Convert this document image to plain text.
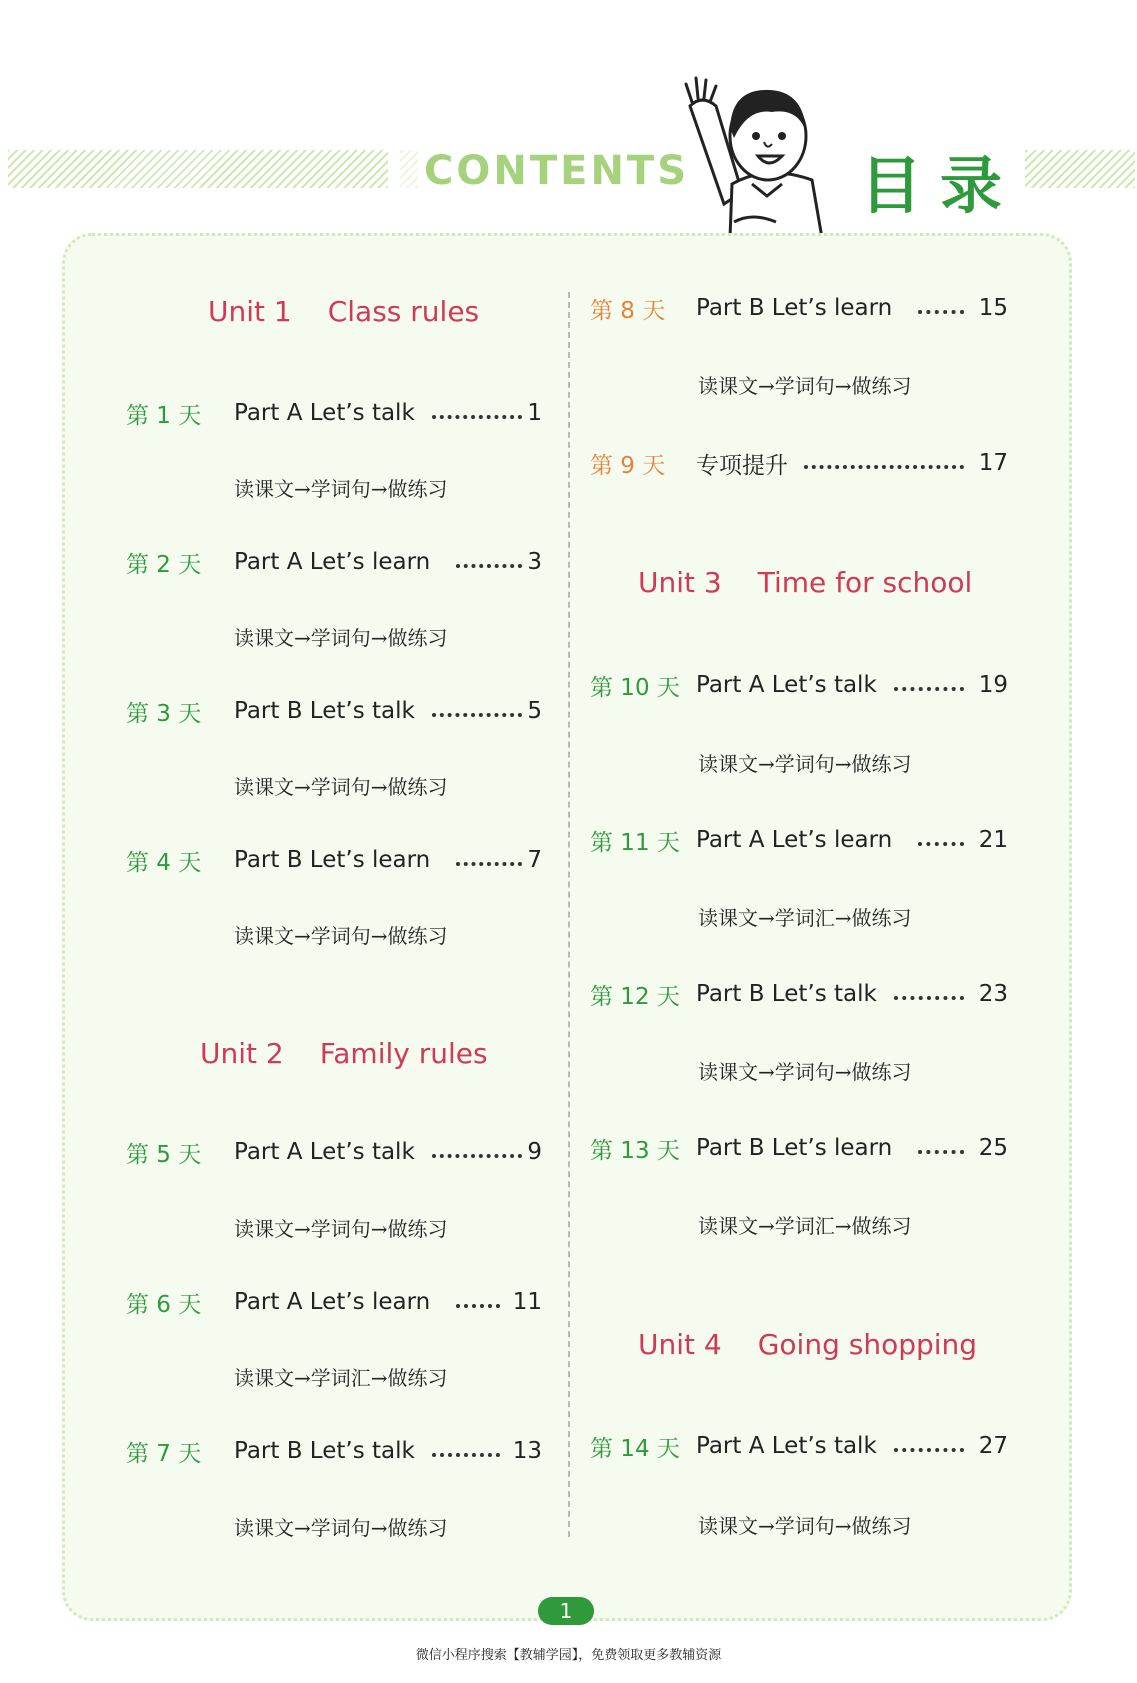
CONTENTS	目录
Unit 1 Class rules
Unit 2 Family rules
Unit 3 Time for school
Unit 4 Going shopping
第 1 天 Part A Let’s talk	1
读课文→学词句→做练习
第 2 天 Part A Let’s learn	3
读课文→学词句→做练习
第 3 天 Part B Let’s talk	5
读课文→学词句→做练习
第 4 天 Part B Let’s learn	7
读课文→学词句→做练习
第 5 天 Part A Let’s talk	9
读课文→学词句→做练习
第 6 天 Part A Let’s learn	11
读课文→学词汇→做练习
第 7 天 Part B Let’s talk	13
读课文→学词句→做练习
第 8 天 Part B Let’s learn	15
读课文→学词句→做练习
第 9 天 专项提升	17
第 10 天 Part A Let’s talk	19
读课文→学词句→做练习
第 11 天 Part A Let’s learn	21
读课文→学词汇→做练习
第 12 天 Part B Let’s talk	23
读课文→学词句→做练习
第 13 天 Part B Let’s learn	25
读课文→学词汇→做练习
第 14 天 Part A Let’s talk	27
读课文→学词句→做练习
1
微信小程序搜索【教辅学园】，免费领取更多教辅资源
